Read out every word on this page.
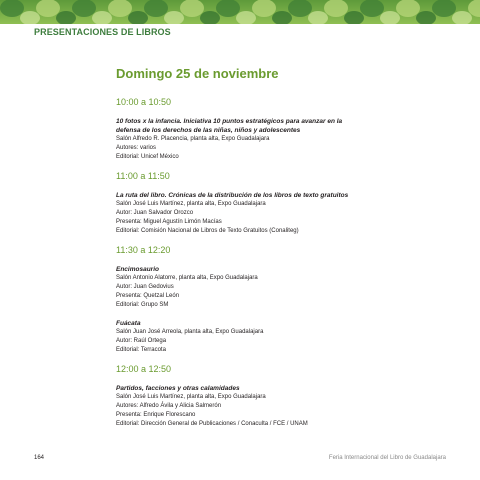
PRESENTACIONES DE LIBROS
Domingo 25 de noviembre
10:00 a 10:50
10 fotos x la infancia. Iniciativa 10 puntos estratégicos para avanzar en la
defensa de los derechos de las niñas, niños y adolescentes
Salón Alfredo R. Placencia, planta alta, Expo Guadalajara
Autores: varios
Editorial: Unicef México
11:00 a 11:50
La ruta del libro. Crónicas de la distribución de los libros de texto gratuitos
Salón José Luis Martínez, planta alta, Expo Guadalajara
Autor: Juan Salvador Orozco
Presenta: Miguel Agustín Limón Macías
Editorial: Comisión Nacional de Libros de Texto Gratuitos (Conaliteg)
11:30 a 12:20
Encimosaurio
Salón Antonio Alatorre, planta alta, Expo Guadalajara
Autor: Juan Gedovius
Presenta: Quetzal León
Editorial: Grupo SM
Fuácata
Salón Juan José Arreola, planta alta, Expo Guadalajara
Autor: Raúl Ortega
Editorial: Terracota
12:00 a 12:50
Partidos, facciones y otras calamidades
Salón José Luis Martínez, planta alta, Expo Guadalajara
Autores: Alfredo Ávila y Alicia Salmerón
Presenta: Enrique Florescano
Editorial: Dirección General de Publicaciones / Conaculta / FCE / UNAM
164	Feria Internacional del Libro de Guadalajara
